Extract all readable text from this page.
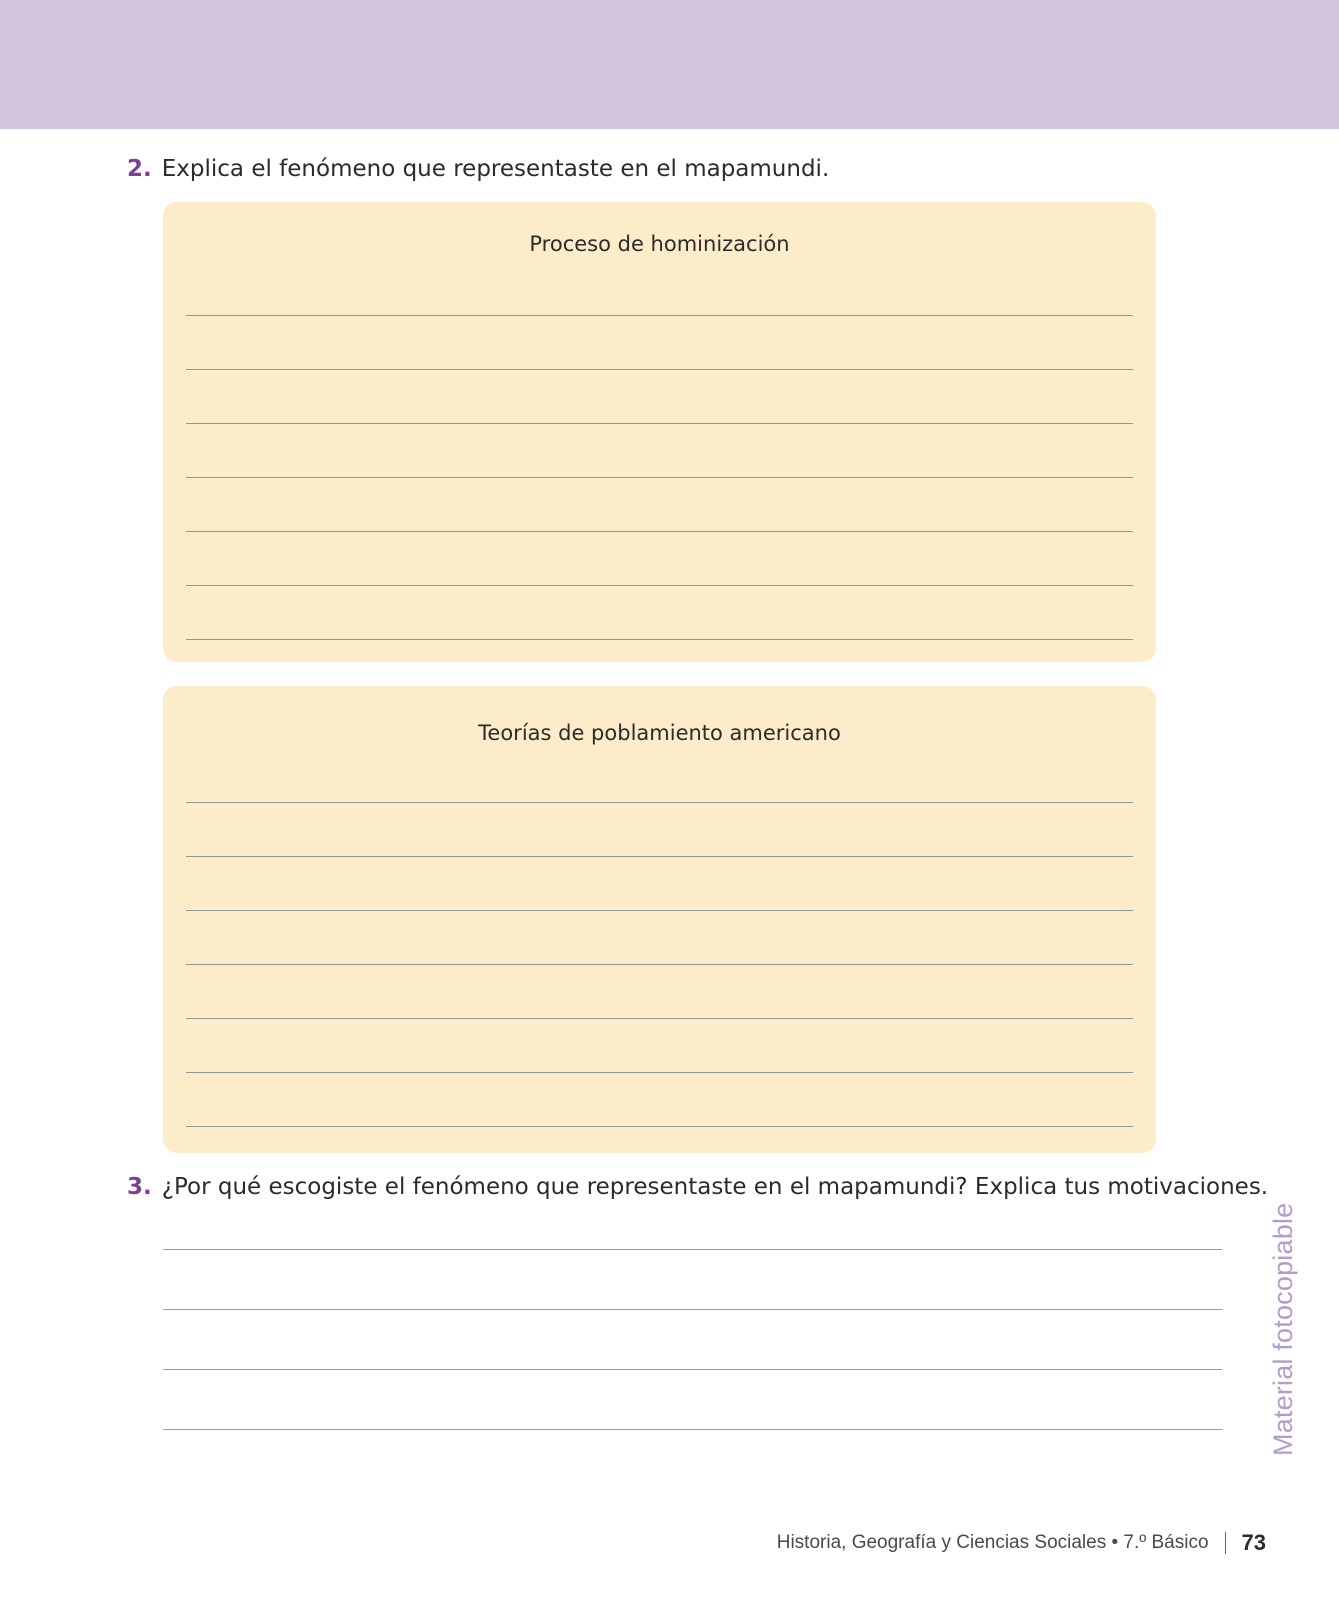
2. Explica el fenómeno que representaste en el mapamundi.
Proceso de hominización
Teorías de poblamiento americano
3. ¿Por qué escogiste el fenómeno que representaste en el mapamundi? Explica tus motivaciones.
Material fotocopiable
Historia, Geografía y Ciencias Sociales • 7.º Básico 73
